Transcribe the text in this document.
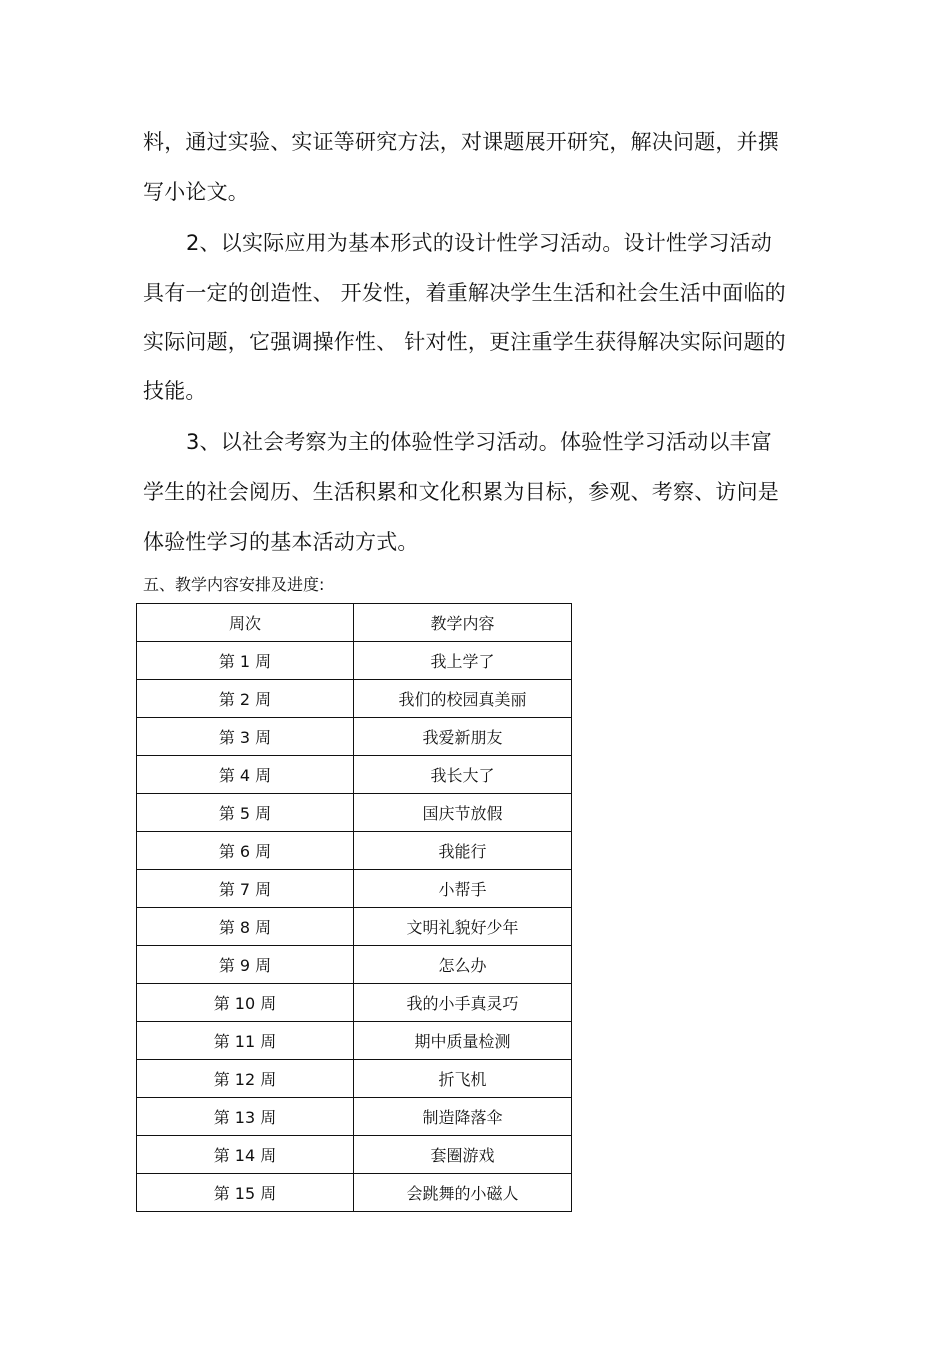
料，通过实验、实证等研究方法，对课题展开研究，解决问题，并撰
写小论文。
2、以实际应用为基本形式的设计性学习活动。设计性学习活动
具有一定的创造性、 开发性，着重解决学生生活和社会生活中面临的
实际问题，它强调操作性、 针对性，更注重学生获得解决实际问题的
技能。
3、以社会考察为主的体验性学习活动。体验性学习活动以丰富
学生的社会阅历、生活积累和文化积累为目标，参观、考察、访问是
体验性学习的基本活动方式。
五、教学内容安排及进度:
周次	教学内容
第 1 周	我上学了
第 2 周	我们的校园真美丽
第 3 周	我爱新朋友
第 4 周	我长大了
第 5 周	国庆节放假
第 6 周	我能行
第 7 周	小帮手
第 8 周	文明礼貌好少年
第 9 周	怎么办
第 10 周	我的小手真灵巧
第 11 周	期中质量检测
第 12 周	折飞机
第 13 周	制造降落伞
第 14 周	套圈游戏
第 15 周	会跳舞的小磁人
